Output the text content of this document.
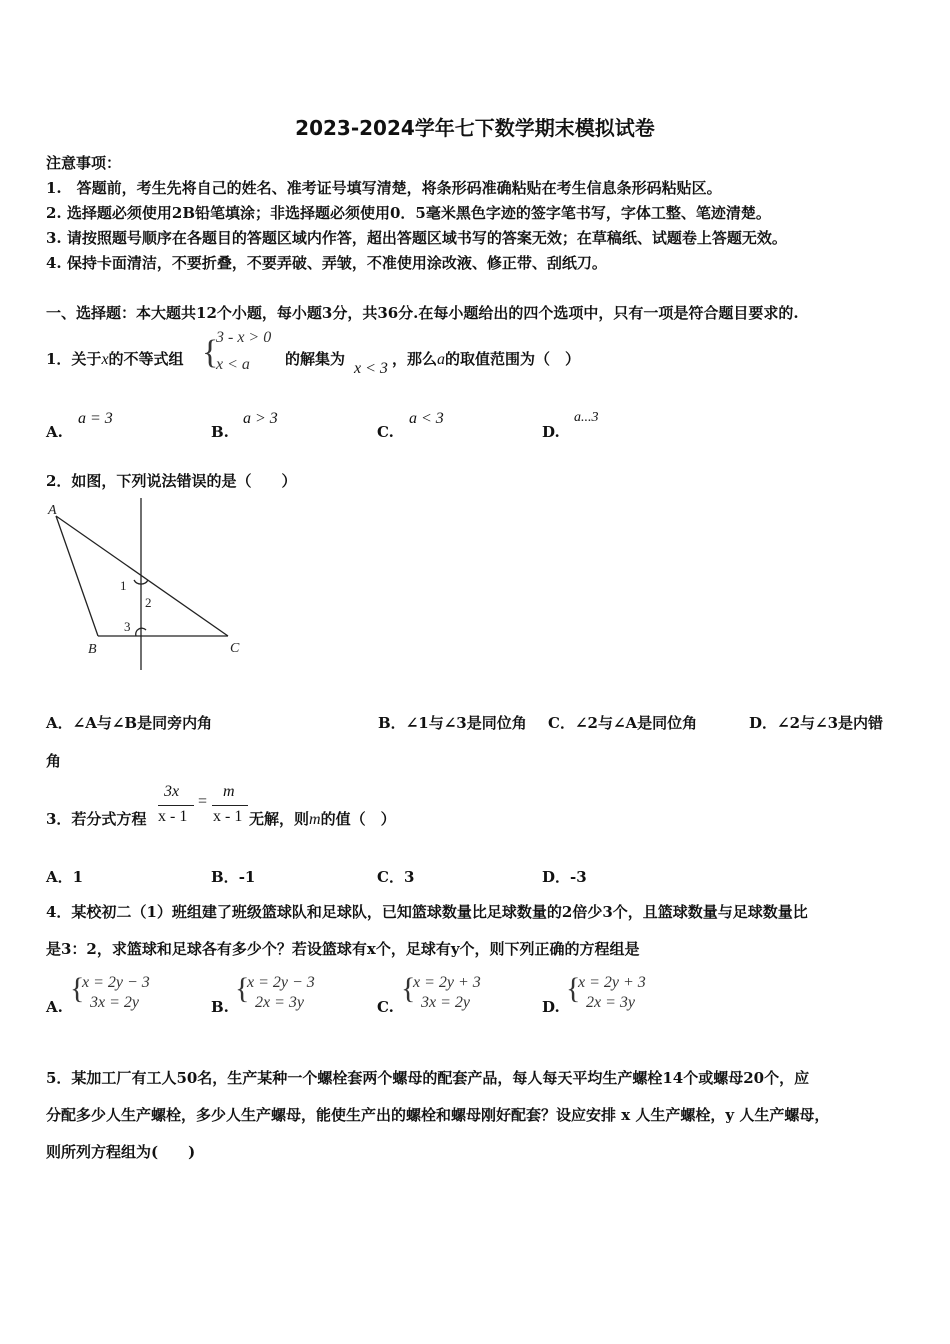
2023-2024学年七下数学期末模拟试卷
注意事项：
1.　答题前，考生先将自己的姓名、准考证号填写清楚，将条形码准确粘贴在考生信息条形码粘贴区。
2. 选择题必须使用2B铅笔填涂；非选择题必须使用0．5毫米黑色字迹的签字笔书写，字体工整、笔迹清楚。
3. 请按照题号顺序在各题目的答题区域内作答，超出答题区域书写的答案无效；在草稿纸、试题卷上答题无效。
4. 保持卡面清洁，不要折叠，不要弄破、弄皱，不准使用涂改液、修正带、刮纸刀。
一、选择题：本大题共12个小题，每小题3分，共36分.在每小题给出的四个选项中，只有一项是符合题目要求的.
1．关于x的不等式组 {
3 - x > 0
x < a 的解集为
x < 3
，那么a的取值范围为（　）
A.
a = 3
B.
a > 3
C.
a < 3
D.
a...3
2．如图，下列说法错误的是（　　）
A
B	C
1
2
3
A．∠A与∠B是同旁内角	B．∠1与∠3是同位角 C．∠2与∠A是同位角	D．∠2与∠3是内错
角
3．若分式方程
3x
x - 1
=
m
x - 1 无解，则m的值（　）
A．1	B．-1	C．3	D．-3
4．某校初二（1）班组建了班级篮球队和足球队，已知篮球数量比足球数量的2倍少3个，且篮球数量与足球数量比
是3：2，求篮球和足球各有多少个？若设篮球有x个，足球有y个，则下列正确的方程组是
A.
{
x = 2y − 3
3x = 2y	B.
{
x = 2y − 3
2x = 3y	C.
{
x = 2y + 3
3x = 2y	D.
{
x = 2y + 3
2x = 3y
5．某加工厂有工人50名，生产某种一个螺栓套两个螺母的配套产品，每人每天平均生产螺栓14个或螺母20个，应
分配多少人生产螺栓，多少人生产螺母，能使生产出的螺栓和螺母刚好配套？设应安排 x 人生产螺栓，y 人生产螺母，
则所列方程组为(　　)
